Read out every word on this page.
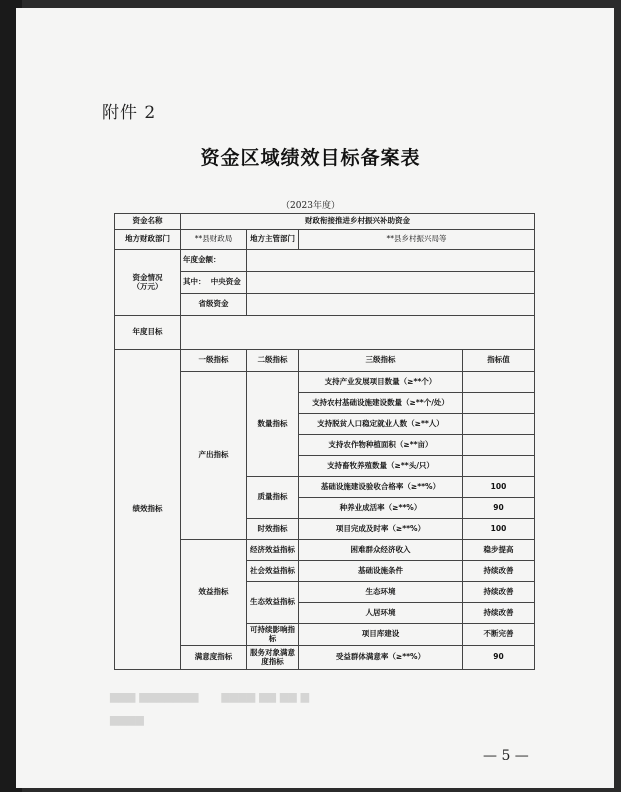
附件 2
资金区域绩效目标备案表
（2023年度）
资金名称	财政衔接推进乡村振兴补助资金			
地方财政部门	**县财政局	地方主管部门	**县乡村振兴局等	
资金情况
（万元）	年度金额：			
	其中： 中央资金			
	省级资金			
年度目标				
绩效指标	一级指标	二级指标	三级指标	指标值
	产出指标	数量指标	支持产业发展项目数量（≥**个）	
			支持农村基础设施建设数量（≥**个/处）	
			支持脱贫人口稳定就业人数（≥**人）	
			支持农作物种植面积（≥**亩）	
			支持畜牧养殖数量（≥**头/只）	
		质量指标	基础设施建设验收合格率（≥**%）	100
			种养业成活率（≥**%）	90
		时效指标	项目完成及时率（≥**%）	100
	效益指标	经济效益指标	困难群众经济收入	稳步提高
		社会效益指标	基础设施条件	持续改善
		生态效益指标	生态环境	持续改善
			人居环境	持续改善
		可持续影响指标	项目库建设	不断完善
	满意度指标	服务对象满意度指标	受益群体满意率（≥**%）	90
▆▆▆ ▆▆▆▆▆▆▆      ▆▆▆▆ ▆▆ ▆▆ ▆
▆▆▆▆
— 5 —
